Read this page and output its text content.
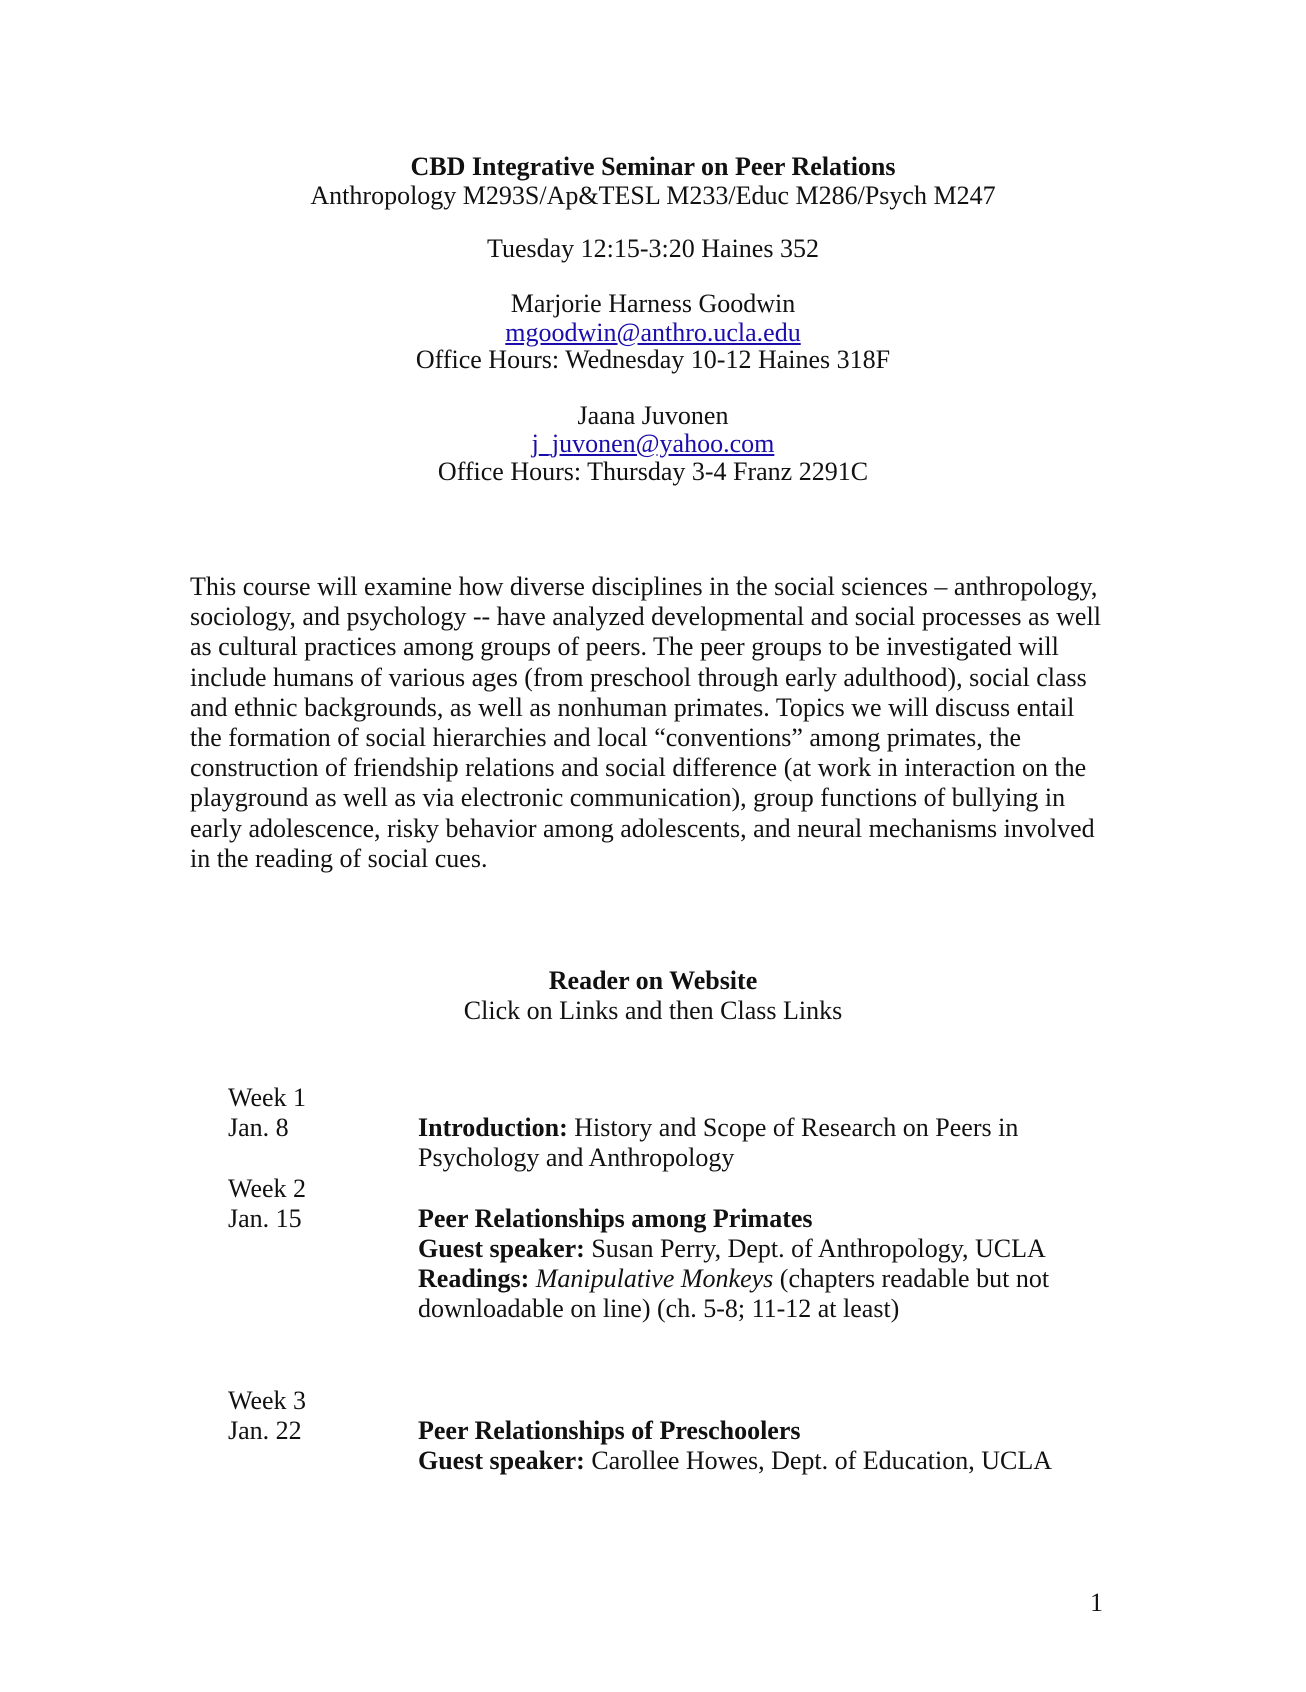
CBD Integrative Seminar on Peer Relations
Anthropology M293S/Ap&TESL M233/Educ M286/Psych M247
Tuesday 12:15-3:20 Haines 352
Marjorie Harness Goodwin
mgoodwin@anthro.ucla.edu
Office Hours: Wednesday 10-12 Haines 318F
Jaana Juvonen
j_juvonen@yahoo.com
Office Hours: Thursday 3-4 Franz 2291C

This course will examine how diverse disciplines in the social sciences – anthropology, sociology, and psychology -- have analyzed developmental and social processes as well as cultural practices among groups of peers. The peer groups to be investigated will include humans of various ages (from preschool through early adulthood), social class and ethnic backgrounds, as well as nonhuman primates. Topics we will discuss entail the formation of social hierarchies and local “conventions” among primates, the construction of friendship relations and social difference (at work in interaction on the playground as well as via electronic communication), group functions of bullying in early adolescence, risky behavior among adolescents, and neural mechanisms involved in the reading of social cues.

Reader on Website
Click on Links and then Class Links
Week 1
Jan. 8	Introduction: History and Scope of Research on Peers in Psychology and Anthropology
Week 2
Jan. 15	Peer Relationships among Primates
Guest speaker: Susan Perry, Dept. of Anthropology, UCLA
Readings: Manipulative Monkeys (chapters readable but not downloadable on line) (ch. 5-8; 11-12 at least)
Week 3
Jan. 22	Peer Relationships of Preschoolers
Guest speaker: Carollee Howes, Dept. of Education, UCLA
1
